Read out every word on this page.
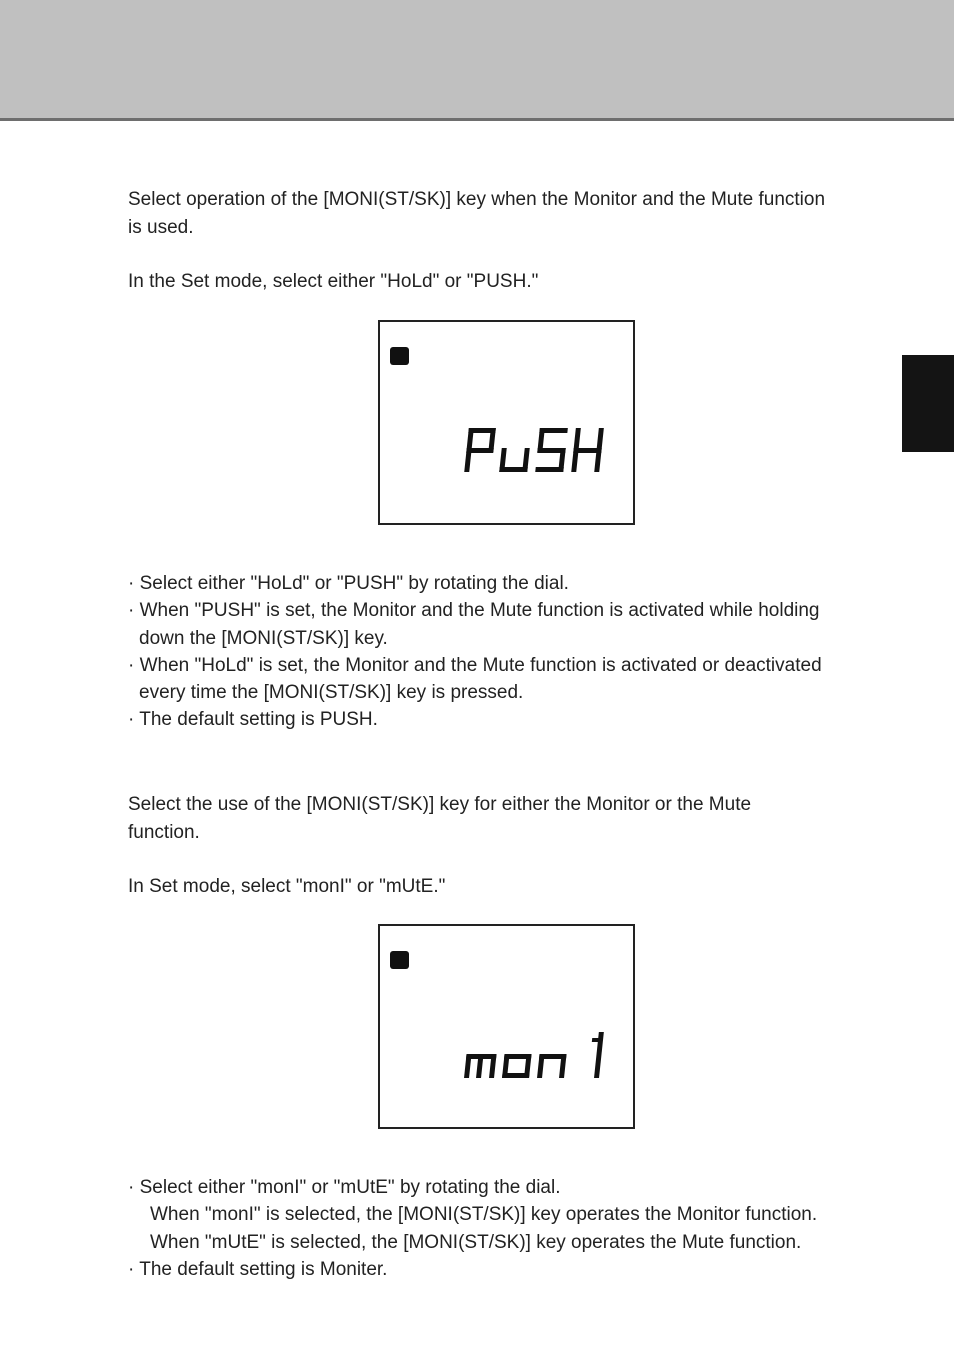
Select operation of the [MONI(ST/SK)] key when the Monitor and the Mute function is used.

In the Set mode, select either "HoLd" or "PUSH."

· Select either "HoLd" or "PUSH" by rotating the dial.
· When "PUSH" is set, the Monitor and the Mute function is activated while holding down the [MONI(ST/SK)] key.
· When "HoLd" is set, the Monitor and the Mute function is activated or deactivated every time the [MONI(ST/SK)] key is pressed.
· The default setting is PUSH.

Select the use of the [MONI(ST/SK)] key for either the Monitor or the Mute function.

In Set mode, select "monI" or "mUtE."

· Select either "monI" or "mUtE" by rotating the dial.
When "monI" is selected, the [MONI(ST/SK)] key operates the Monitor function.
When "mUtE" is selected, the [MONI(ST/SK)] key operates the Mute function.
· The default setting is Moniter.
